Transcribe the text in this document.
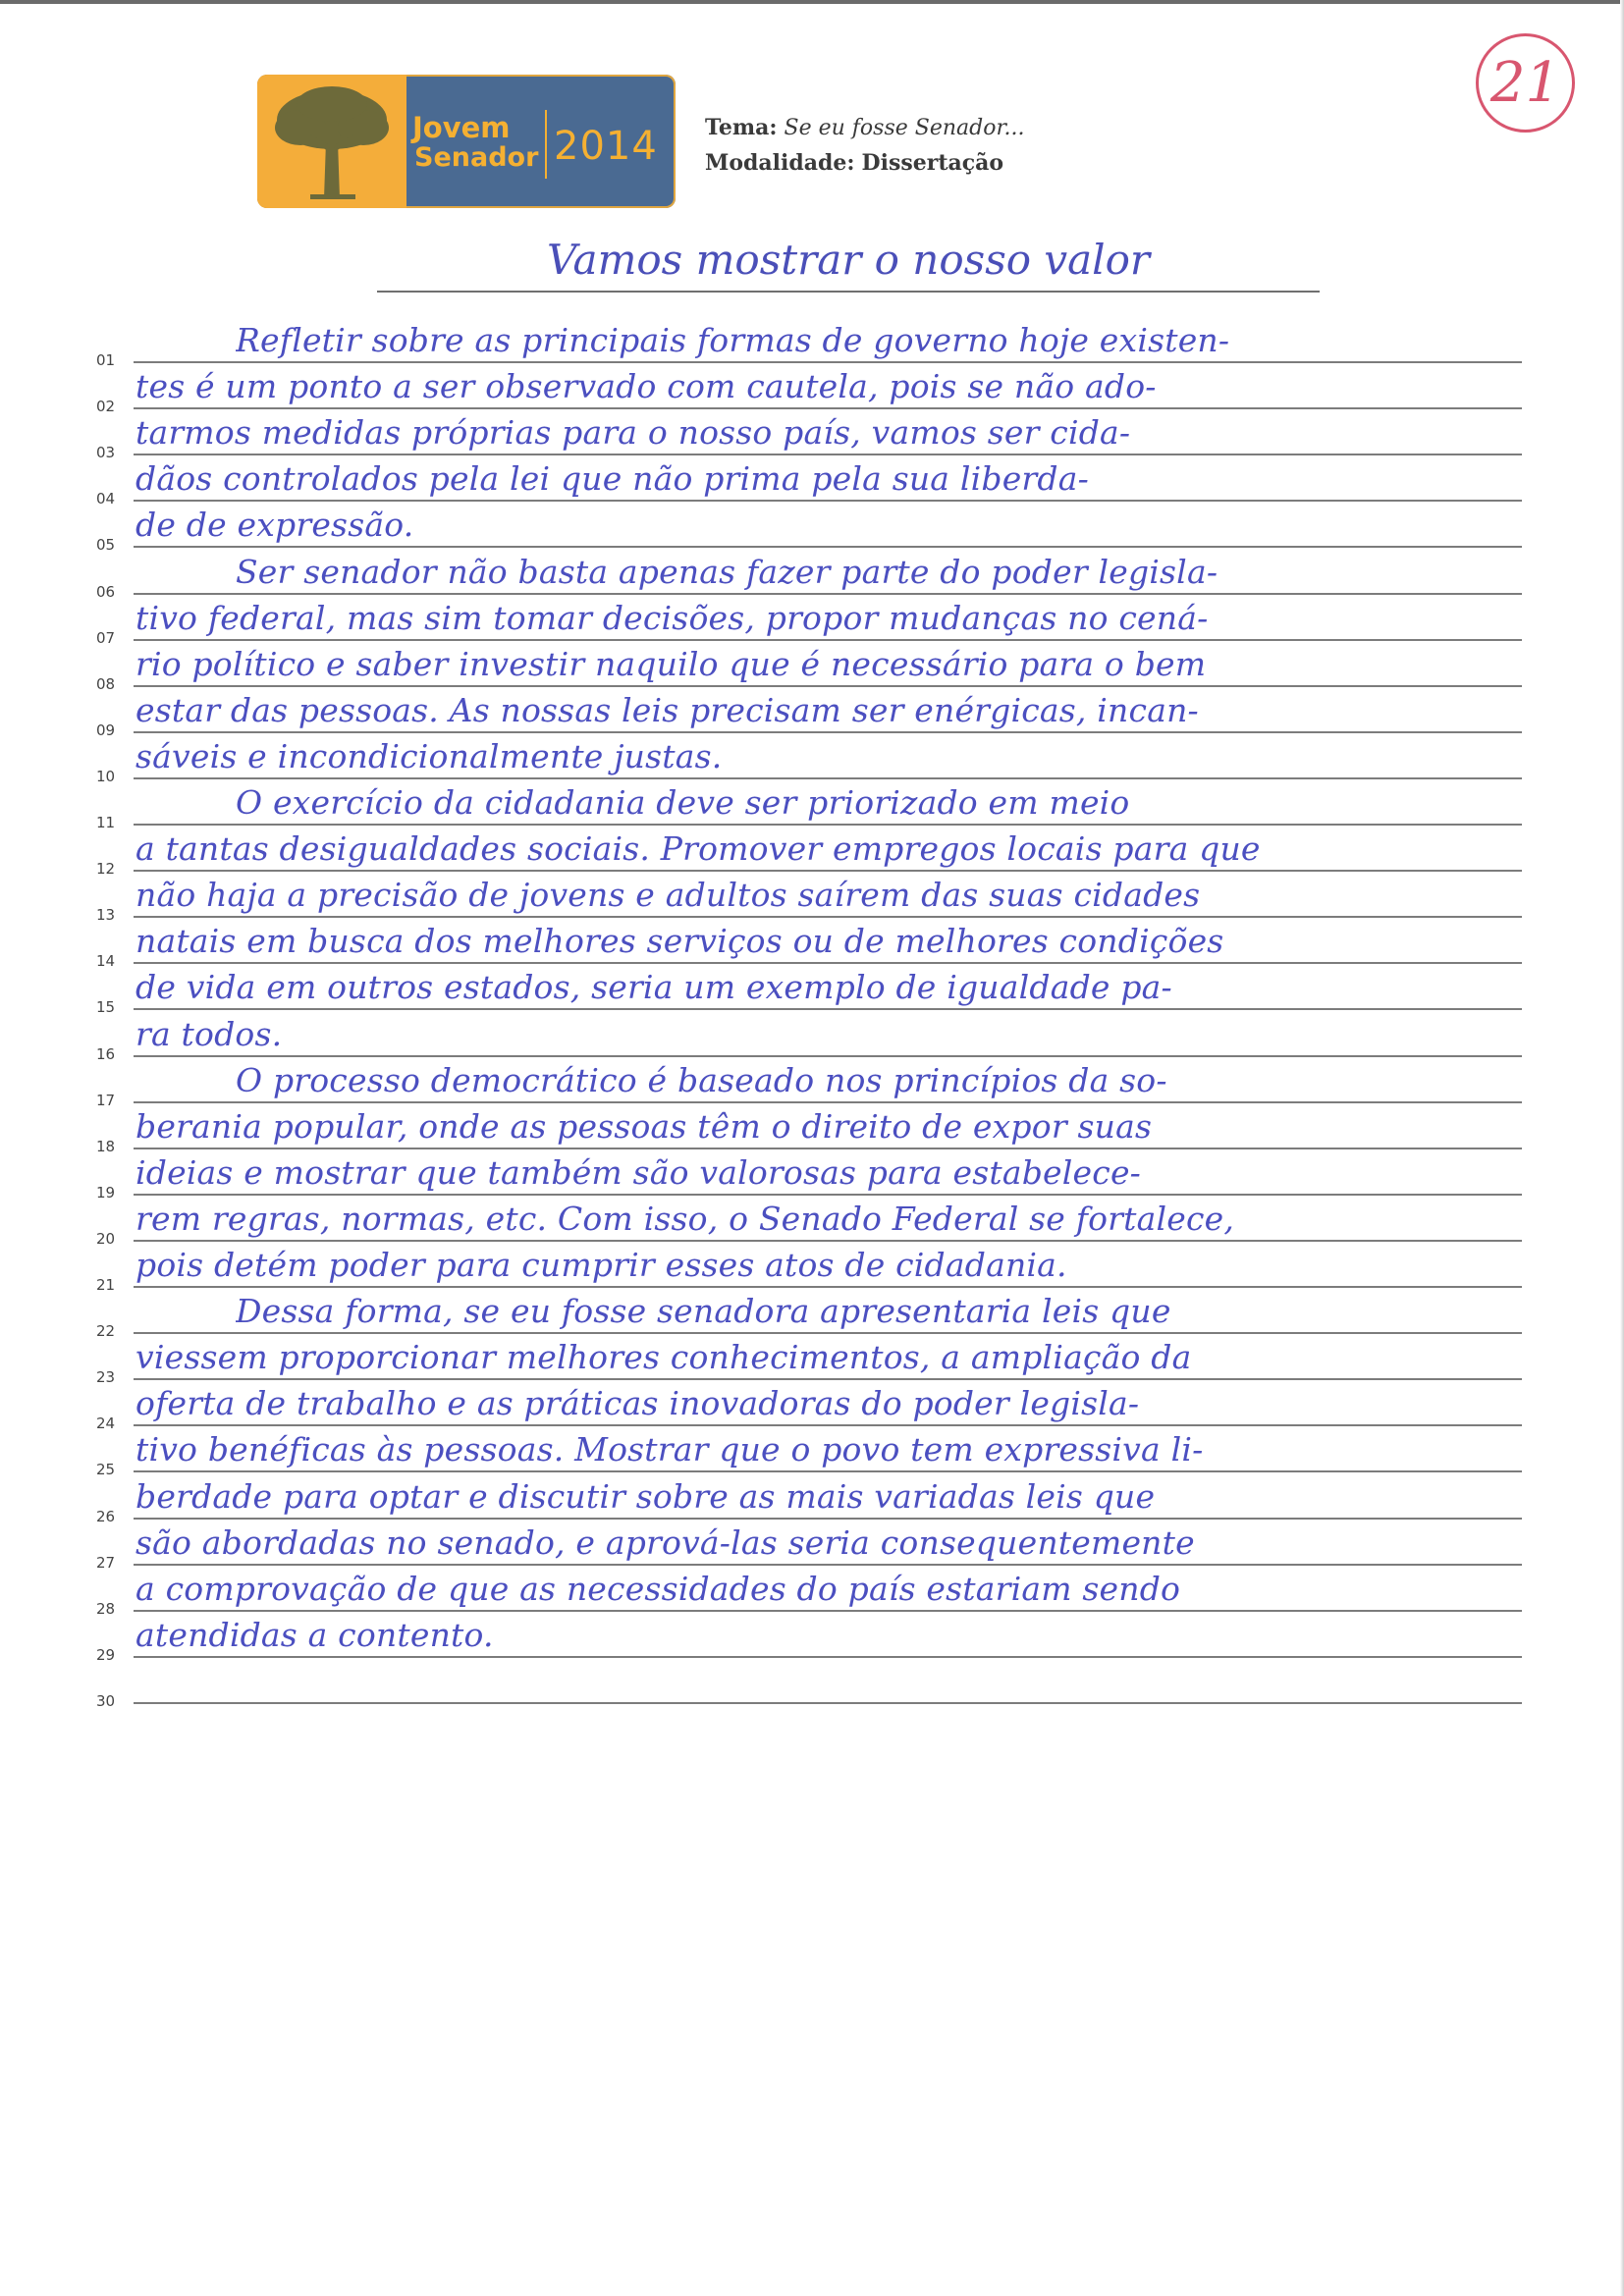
Jovem
Senador 2014 Tema: Se eu fosse Senador...
Modalidade: Dissertação
21
Vamos mostrar o nosso valor
01
Refletir sobre as principais formas de governo hoje existen-
02
tes é um ponto a ser observado com cautela, pois se não ado-
03
tarmos medidas próprias para o nosso país, vamos ser cida-
04
dãos controlados pela lei que não prima pela sua liberda-
05
de de expressão.
06
Ser senador não basta apenas fazer parte do poder legisla-
07
tivo federal, mas sim tomar decisões, propor mudanças no cená-
08
rio político e saber investir naquilo que é necessário para o bem
09
estar das pessoas. As nossas leis precisam ser enérgicas, incan-
10
sáveis e incondicionalmente justas.
11
O exercício da cidadania deve ser priorizado em meio
12
a tantas desigualdades sociais. Promover empregos locais para que
13
não haja a precisão de jovens e adultos saírem das suas cidades
14
natais em busca dos melhores serviços ou de melhores condições
15
de vida em outros estados, seria um exemplo de igualdade pa-
16
ra todos.
17
O processo democrático é baseado nos princípios da so-
18
berania popular, onde as pessoas têm o direito de expor suas
19
ideias e mostrar que também são valorosas para estabelece-
20
rem regras, normas, etc. Com isso, o Senado Federal se fortalece,
21
pois detém poder para cumprir esses atos de cidadania.
22
Dessa forma, se eu fosse senadora apresentaria leis que
23
viessem proporcionar melhores conhecimentos, a ampliação da
24
oferta de trabalho e as práticas inovadoras do poder legisla-
25
tivo benéficas às pessoas. Mostrar que o povo tem expressiva li-
26
berdade para optar e discutir sobre as mais variadas leis que
27
são abordadas no senado, e aprová-las seria consequentemente
28
a comprovação de que as necessidades do país estariam sendo
29
atendidas a contento.
30
